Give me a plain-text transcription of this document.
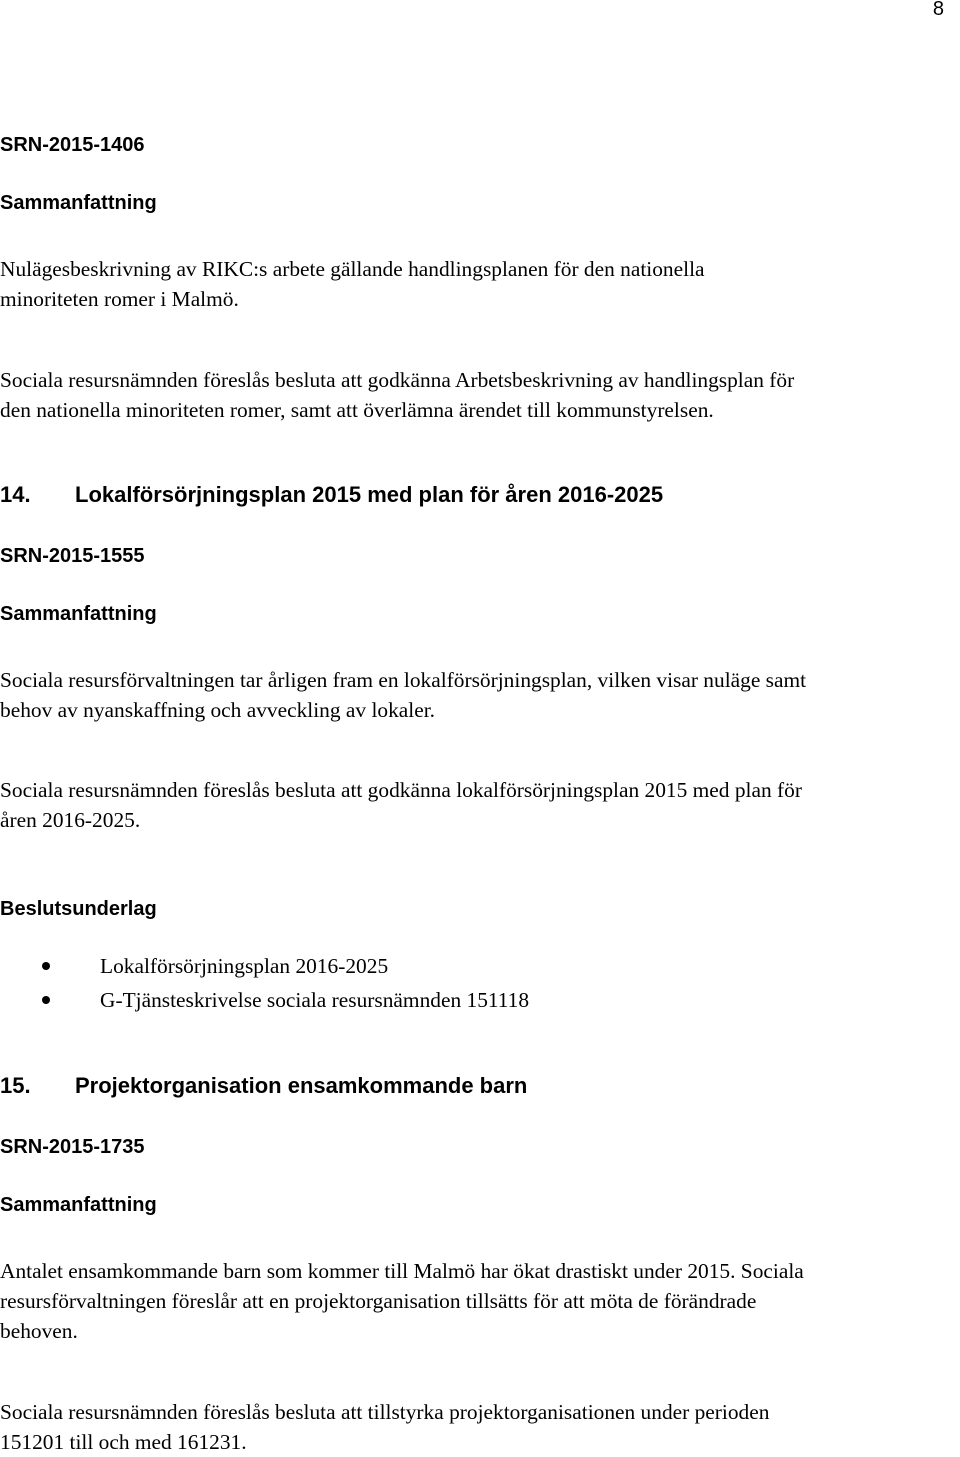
8
SRN-2015-1406
Sammanfattning
Nulägesbeskrivning av RIKC:s arbete gällande handlingsplanen för den nationella
minoriteten romer i Malmö.
Sociala resursnämnden föreslås besluta att godkänna Arbetsbeskrivning av handlingsplan för
den nationella minoriteten romer, samt att överlämna ärendet till kommunstyrelsen.
14. Lokalförsörjningsplan 2015 med plan för åren 2016-2025
SRN-2015-1555
Sammanfattning
Sociala resursförvaltningen tar årligen fram en lokalförsörjningsplan, vilken visar nuläge samt
behov av nyanskaffning och avveckling av lokaler.
Sociala resursnämnden föreslås besluta att godkänna lokalförsörjningsplan 2015 med plan för
åren 2016-2025.
Beslutsunderlag
Lokalförsörjningsplan 2016-2025
G-Tjänsteskrivelse sociala resursnämnden 151118
15. Projektorganisation ensamkommande barn
SRN-2015-1735
Sammanfattning
Antalet ensamkommande barn som kommer till Malmö har ökat drastiskt under 2015. Sociala
resursförvaltningen föreslår att en projektorganisation tillsätts för att möta de förändrade
behoven.
Sociala resursnämnden föreslås besluta att tillstyrka projektorganisationen under perioden
151201 till och med 161231.
